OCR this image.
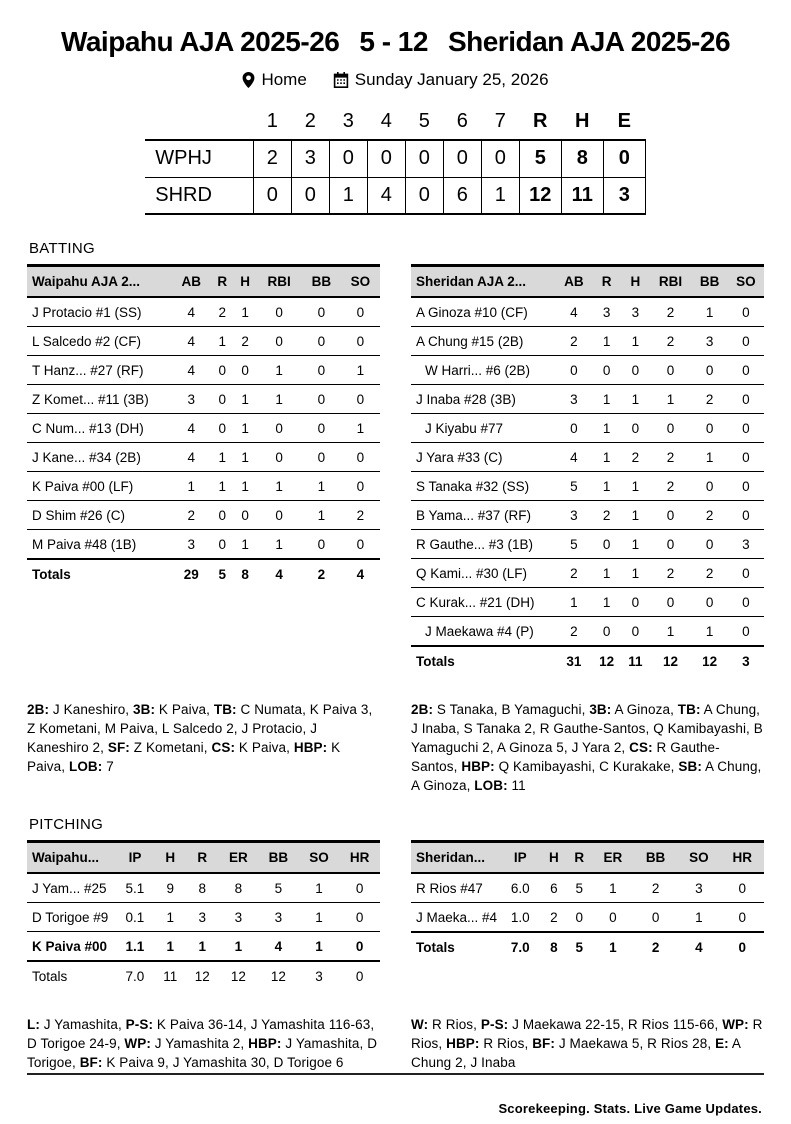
Waipahu AJA 2025-26 5 - 12 Sheridan AJA 2025-26
Home	Sunday January 25, 2026
	1	2	3	4	5	6	7	R	H	E
WPHJ	2	3	0	0	0	0	0	5	8	0
SHRD	0	0	1	4	0	6	1	12	11	3
BATTING
Waipahu AJA 2...	AB	R	H	RBI	BB	SO
J Protacio #1 (SS)	4	2	1	0	0	0
L Salcedo #2 (CF)	4	1	2	0	0	0
T Hanz... #27 (RF)	4	0	0	1	0	1
Z Komet... #11 (3B)	3	0	1	1	0	0
C Num... #13 (DH)	4	0	1	0	0	1
J Kane... #34 (2B)	4	1	1	0	0	0
K Paiva #00 (LF)	1	1	1	1	1	0
D Shim #26 (C)	2	0	0	0	1	2
M Paiva #48 (1B)	3	0	1	1	0	0
Totals	29	5	8	4	2	4
Sheridan AJA 2...	AB	R	H	RBI	BB	SO
A Ginoza #10 (CF)	4	3	3	2	1	0
A Chung #15 (2B)	2	1	1	2	3	0
W Harri... #6 (2B)	0	0	0	0	0	0
J Inaba #28 (3B)	3	1	1	1	2	0
J Kiyabu #77	0	1	0	0	0	0
J Yara #33 (C)	4	1	2	2	1	0
S Tanaka #32 (SS)	5	1	1	2	0	0
B Yama... #37 (RF)	3	2	1	0	2	0
R Gauthe... #3 (1B)	5	0	1	0	0	3
Q Kami... #30 (LF)	2	1	1	2	2	0
C Kurak... #21 (DH)	1	1	0	0	0	0
J Maekawa #4 (P)	2	0	0	1	1	0
Totals	31	12	11	12	12	3

2B: J Kaneshiro, 3B: K Paiva, TB: C Numata, K Paiva 3, Z Kometani, M Paiva, L Salcedo 2, J Protacio, J Kaneshiro 2, SF: Z Kometani, CS: K Paiva, HBP: K Paiva, LOB: 7

2B: S Tanaka, B Yamaguchi, 3B: A Ginoza, TB: A Chung, J Inaba, S Tanaka 2, R Gauthe-Santos, Q Kamibayashi, B Yamaguchi 2, A Ginoza 5, J Yara 2, CS: R Gauthe-Santos, HBP: Q Kamibayashi, C Kurakake, SB: A Chung, A Ginoza, LOB: 11

PITCHING
Waipahu...	IP	H	R	ER	BB	SO	HR
J Yam... #25	5.1	9	8	8	5	1	0
D Torigoe #9	0.1	1	3	3	3	1	0
K Paiva #00	1.1	1	1	1	4	1	0
Totals	7.0	11	12	12	12	3	0
Sheridan...	IP	H	R	ER	BB	SO	HR
R Rios #47	6.0	6	5	1	2	3	0
J Maeka... #4	1.0	2	0	0	0	1	0
Totals	7.0	8	5	1	2	4	0

L: J Yamashita, P-S: K Paiva 36-14, J Yamashita 116-63, D Torigoe 24-9, WP: J Yamashita 2, HBP: J Yamashita, D Torigoe, BF: K Paiva 9, J Yamashita 30, D Torigoe 6

W: R Rios, P-S: J Maekawa 22-15, R Rios 115-66, WP: R Rios, HBP: R Rios, BF: J Maekawa 5, R Rios 28, E: A Chung 2, J Inaba

Scorekeeping. Stats. Live Game Updates.
